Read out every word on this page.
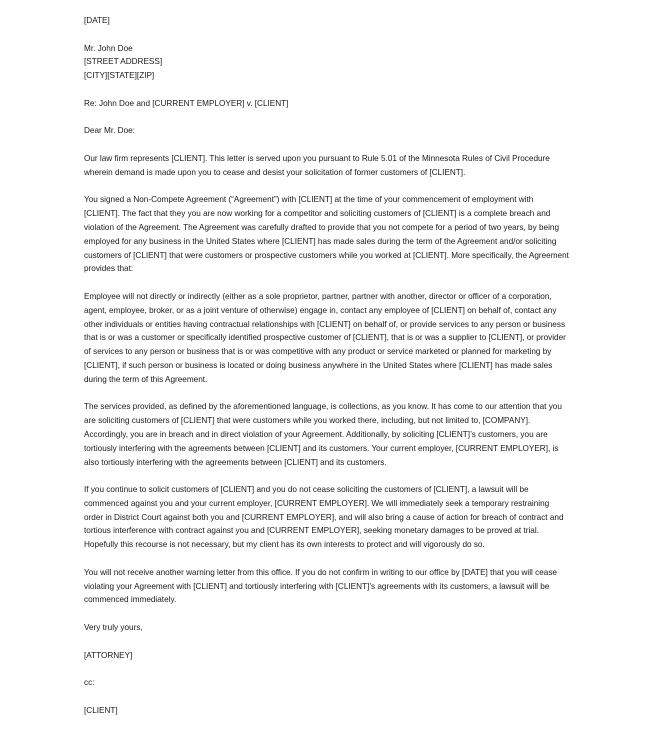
[DATE]
Mr. John Doe
[STREET ADDRESS]
[CITY][STATE][ZIP]
Re: John Doe and [CURRENT EMPLOYER] v. [CLIENT]
Dear Mr. Doe:
Our law firm represents [CLIENT]. This letter is served upon you pursuant to Rule 5.01 of the Minnesota Rules of Civil Procedure
wherein demand is made upon you to cease and desist your solicitation of former customers of [CLIENT].
You signed a Non-Compete Agreement (“Agreement”) with [CLIENT] at the time of your commencement of employment with
[CLIENT]. The fact that they you are now working for a competitor and soliciting customers of [CLIENT] is a complete breach and
violation of the Agreement. The Agreement was carefully drafted to provide that you not compete for a period of two years, by being
employed for any business in the United States where [CLIENT] has made sales during the term of the Agreement and/or soliciting
customers of [CLIENT] that were customers or prospective customers while you worked at [CLIENT]. More specifically, the Agreement
provides that:
Employee will not directly or indirectly (either as a sole proprietor, partner, partner with another, director or officer of a corporation,
agent, employee, broker, or as a joint venture of otherwise) engage in, contact any employee of [CLIENT] on behalf of, contact any
other individuals or entities having contractual relationships with [CLIENT] on behalf of, or provide services to any person or business
that is or was a customer or specifically identified prospective customer of [CLIENT], that is or was a supplier to [CLIENT], or provider
of services to any person or business that is or was competitive with any product or service marketed or planned for marketing by
[CLIENT], if such person or business is located or doing business anywhere in the United States where [CLIENT] has made sales
during the term of this Agreement.
The services provided, as defined by the aforementioned language, is collections, as you know. It has come to our attention that you
are soliciting customers of [CLIENT] that were customers while you worked there, including, but not limited to, [COMPANY].
Accordingly, you are in breach and in direct violation of your Agreement. Additionally, by soliciting [CLIENT]’s customers, you are
tortiously interfering with the agreements between [CLIENT] and its customers. Your current employer, [CURRENT EMPLOYER], is
also tortiously interfering with the agreements between [CLIENT] and its customers.
If you continue to solicit customers of [CLIENT] and you do not cease soliciting the customers of [CLIENT], a lawsuit will be
commenced against you and your current employer, [CURRENT EMPLOYER]. We will immediately seek a temporary restraining
order in District Court against both you and [CURRENT EMPLOYER], and will also bring a cause of action for breach of contract and
tortious interference with contract against you and [CURRENT EMPLOYER], seeking monetary damages to be proved at trial.
Hopefully this recourse is not necessary, but my client has its own interests to protect and will vigorously do so.
You will not receive another warning letter from this office. If you do not confirm in writing to our office by [DATE] that you will cease
violating your Agreement with [CLIENT] and tortiously interfering with [CLIENT]’s agreements with its customers, a lawsuit will be
commenced immediately.
Very truly yours,
[ATTORNEY]
cc:
[CLIENT]
